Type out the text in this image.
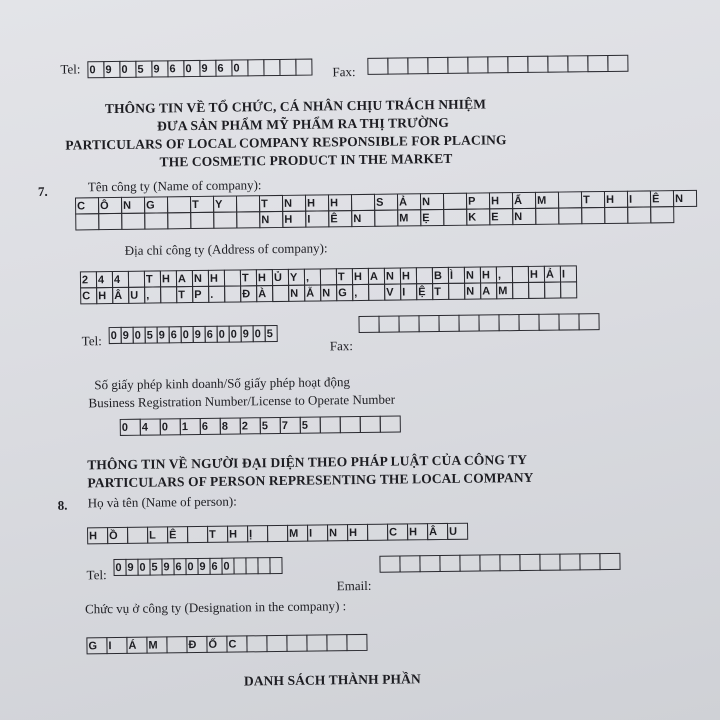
Tel: 0 9 0 5 9 6 0 9 6 0	Fax:
THÔNG TIN VỀ TỔ CHỨC, CÁ NHÂN CHỊU TRÁCH NHIỆM
ĐƯA SẢN PHẨM MỸ PHẨM RA THỊ TRƯỜNG
PARTICULARS OF LOCAL COMPANY RESPONSIBLE FOR PLACING
THE COSMETIC PRODUCT IN THE MARKET
7.	Tên công ty (Name of company):
C	Ô	N	G	T	Y	T	N	H	H	S	Ả	N	P	H	Ẩ	M	T	H	I	Ê	N
N	H	I	Ê	N	M	Ẹ	K	E	N
Địa chỉ công ty (Address of company):
2 4 4	T H A N H	T H Ủ Y ,	T H A N H	B Ì	N H ,	H Ả I
C H Â U ,	T P .	Đ À	N Ẵ N G ,	V I	Ệ T	N A M
Tel: 0 9 0 5 9 6 0 9 6 0 0 9 0 5
Fax:
Số giấy phép kinh doanh/Số giấy phép hoạt động
Business Registration Number/License to Operate Number
0	4	0	1	6	8	2	5	7	5
THÔNG TIN VỀ NGƯỜI ĐẠI DIỆN THEO PHÁP LUẬT CỦA CÔNG TY
PARTICULARS OF PERSON REPRESENTING THE LOCAL COMPANY
8. Họ và tên (Name of person):
H Ồ	L	Ê	T	H Ị	M I	N H	C H Â U
Tel: 0 9 0 5 9 6 0 9 6 0
Email:
Chức vụ ở công ty (Designation in the company) :
G I	Á M	Đ Ố C
DANH SÁCH THÀNH PHẦN
